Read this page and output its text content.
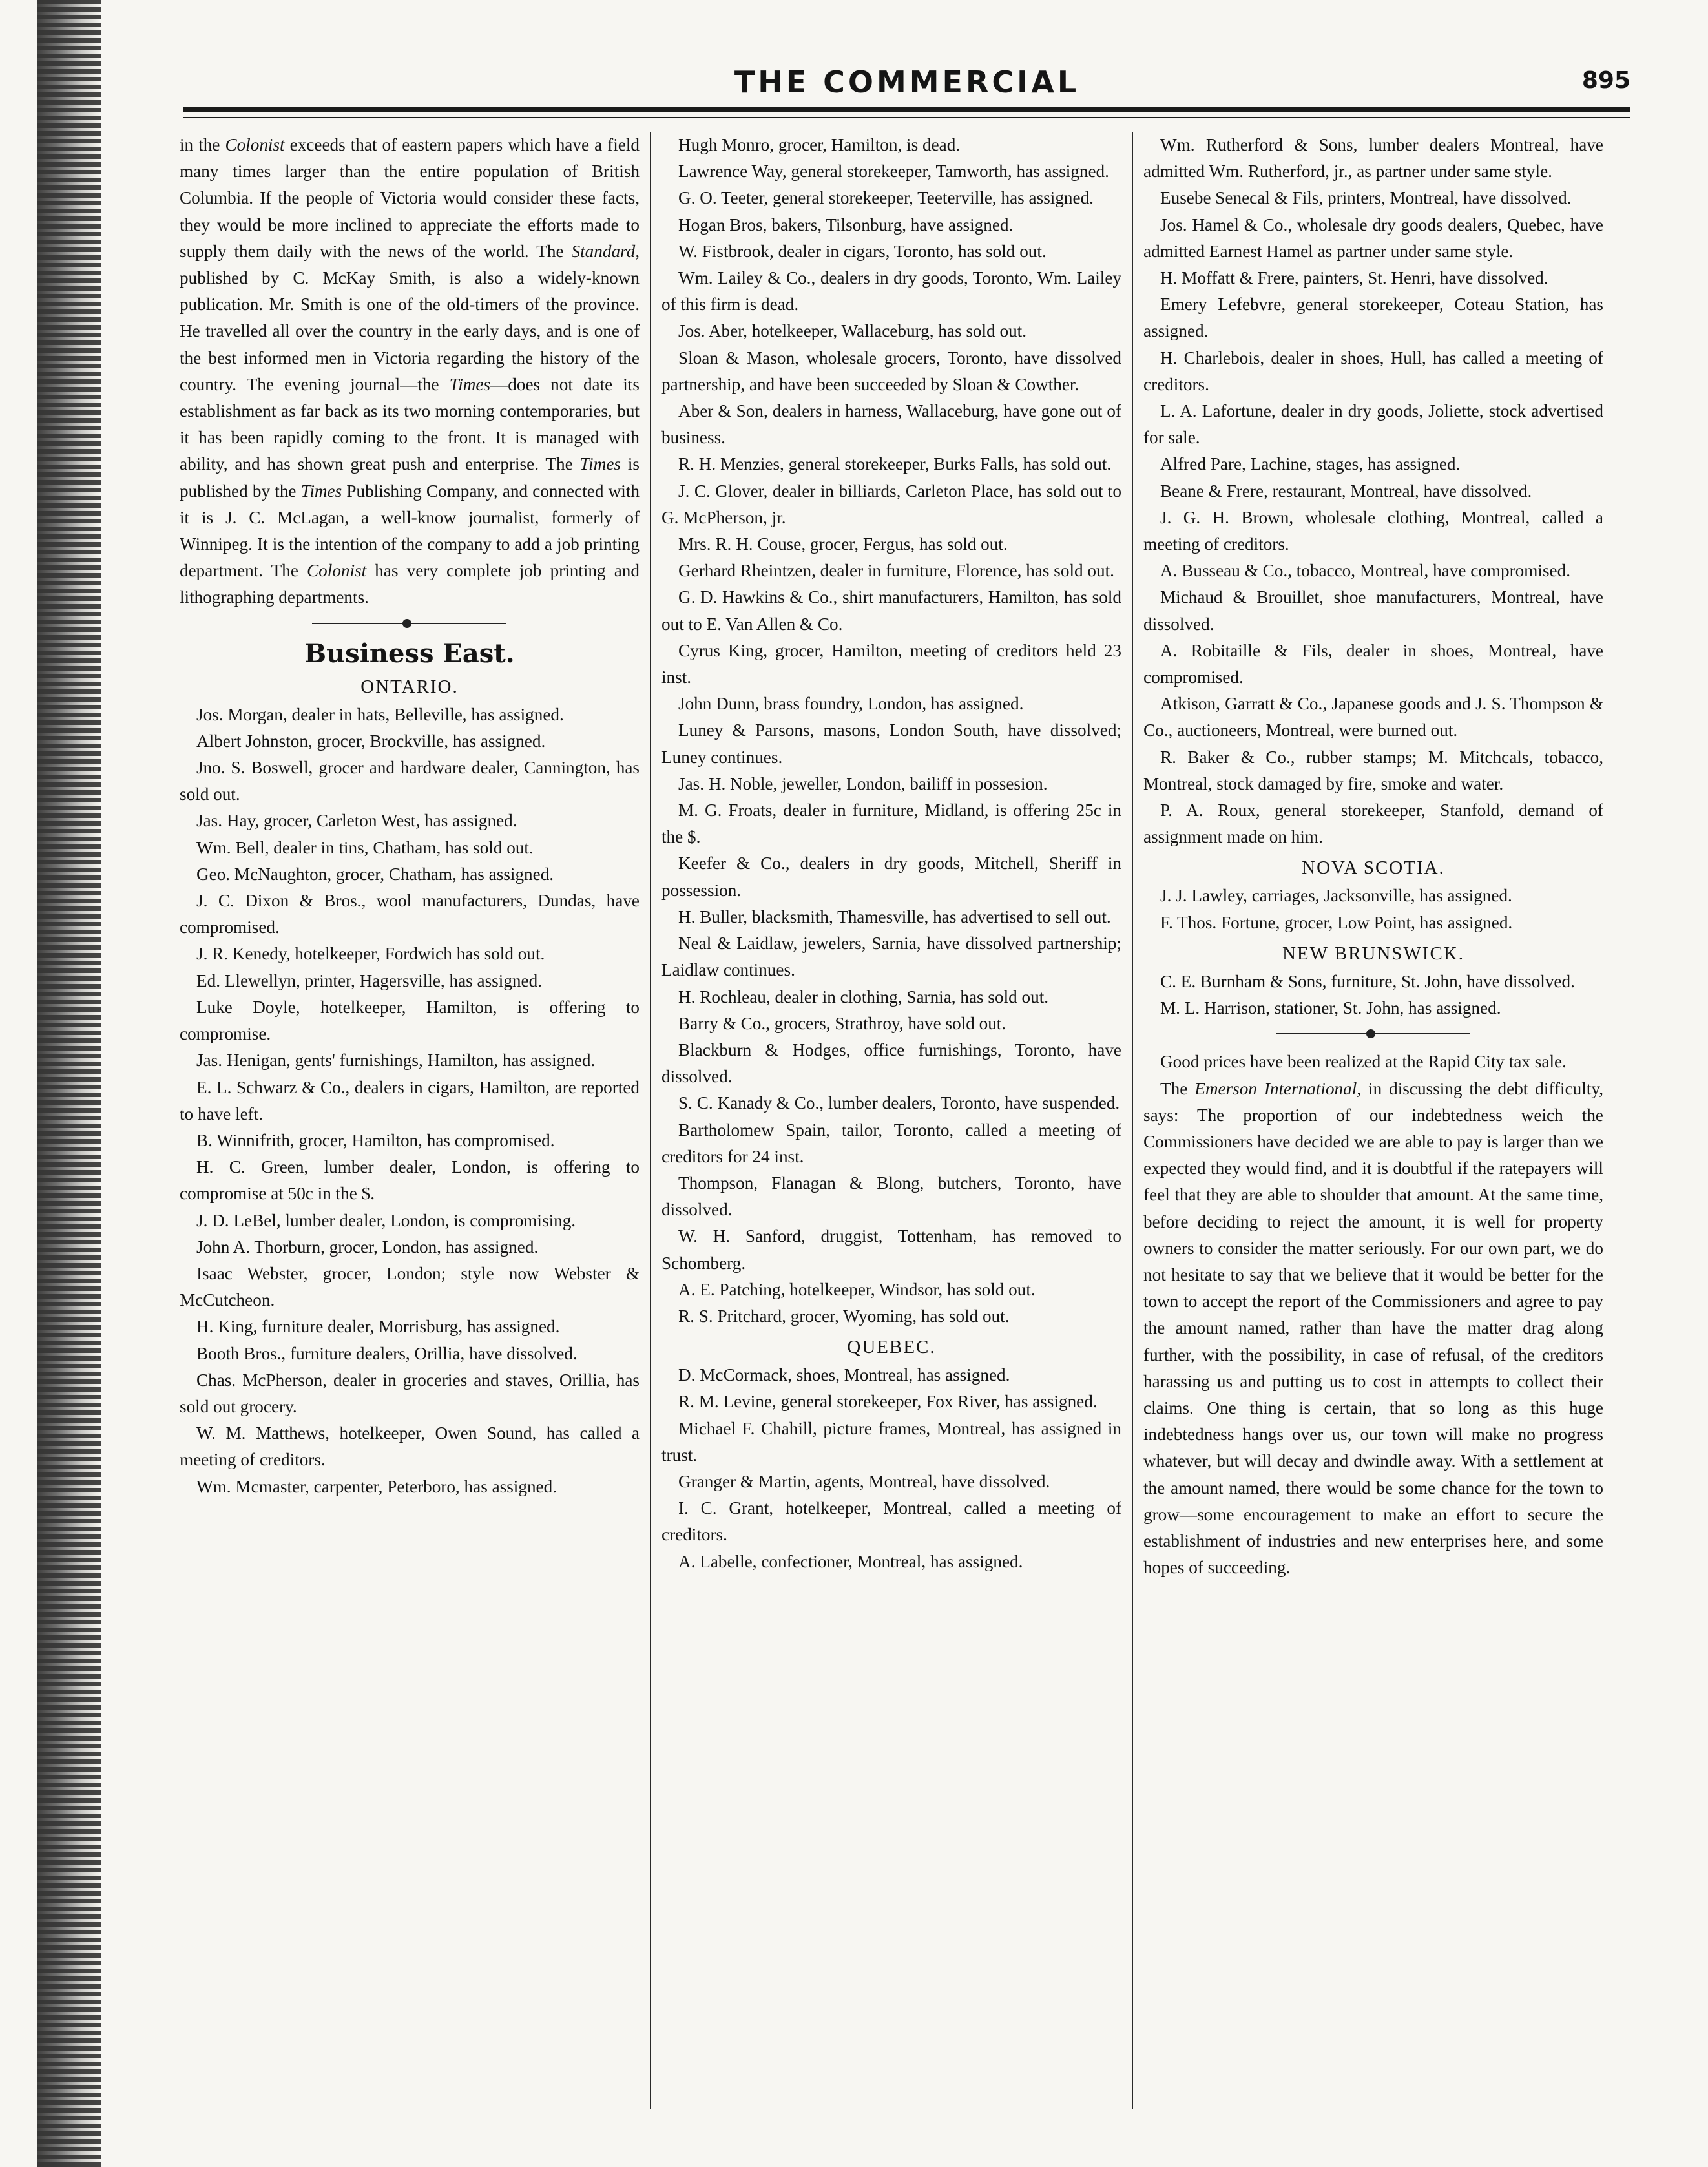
THE COMMERCIAL	895

in the Colonist exceeds that of eastern papers which have a field many times larger than the entire population of British Columbia. If the people of Victoria would consider these facts, they would be more inclined to appreciate the efforts made to supply them daily with the news of the world. The Standard, published by C. McKay Smith, is also a widely-known publication. Mr. Smith is one of the old-timers of the province. He travelled all over the country in the early days, and is one of the best informed men in Victoria regarding the history of the country. The evening journal—the Times—does not date its establishment as far back as its two morning contemporaries, but it has been rapidly coming to the front. It is managed with ability, and has shown great push and enterprise. The Times is published by the Times Publishing Company, and connected with it is J. C. McLagan, a well-know journalist, formerly of Winnipeg. It is the intention of the company to add a job printing department. The Colonist has very complete job printing and lithographing departments.

Business East.
ONTARIO.

Jos. Morgan, dealer in hats, Belleville, has assigned.

Albert Johnston, grocer, Brockville, has assigned.

Jno. S. Boswell, grocer and hardware dealer, Cannington, has sold out.

Jas. Hay, grocer, Carleton West, has assigned.

Wm. Bell, dealer in tins, Chatham, has sold out.

Geo. McNaughton, grocer, Chatham, has assigned.

J. C. Dixon & Bros., wool manufacturers, Dundas, have compromised.

J. R. Kenedy, hotelkeeper, Fordwich has sold out.

Ed. Llewellyn, printer, Hagersville, has assigned.

Luke Doyle, hotelkeeper, Hamilton, is offering to compromise.

Jas. Henigan, gents' furnishings, Hamilton, has assigned.

E. L. Schwarz & Co., dealers in cigars, Hamilton, are reported to have left.

B. Winnifrith, grocer, Hamilton, has compromised.

H. C. Green, lumber dealer, London, is offering to compromise at 50c in the $.

J. D. LeBel, lumber dealer, London, is compromising.

John A. Thorburn, grocer, London, has assigned.

Isaac Webster, grocer, London; style now Webster & McCutcheon.

H. King, furniture dealer, Morrisburg, has assigned.

Booth Bros., furniture dealers, Orillia, have dissolved.

Chas. McPherson, dealer in groceries and staves, Orillia, has sold out grocery.

W. M. Matthews, hotelkeeper, Owen Sound, has called a meeting of creditors.

Wm. Mcmaster, carpenter, Peterboro, has assigned.

Hugh Monro, grocer, Hamilton, is dead.

Lawrence Way, general storekeeper, Tamworth, has assigned.

G. O. Teeter, general storekeeper, Teeterville, has assigned.

Hogan Bros, bakers, Tilsonburg, have assigned.

W. Fistbrook, dealer in cigars, Toronto, has sold out.

Wm. Lailey & Co., dealers in dry goods, Toronto, Wm. Lailey of this firm is dead.

Jos. Aber, hotelkeeper, Wallaceburg, has sold out.

Sloan & Mason, wholesale grocers, Toronto, have dissolved partnership, and have been succeeded by Sloan & Cowther.

Aber & Son, dealers in harness, Wallaceburg, have gone out of business.

R. H. Menzies, general storekeeper, Burks Falls, has sold out.

J. C. Glover, dealer in billiards, Carleton Place, has sold out to G. McPherson, jr.

Mrs. R. H. Couse, grocer, Fergus, has sold out.

Gerhard Rheintzen, dealer in furniture, Florence, has sold out.

G. D. Hawkins & Co., shirt manufacturers, Hamilton, has sold out to E. Van Allen & Co.

Cyrus King, grocer, Hamilton, meeting of creditors held 23 inst.

John Dunn, brass foundry, London, has assigned.

Luney & Parsons, masons, London South, have dissolved; Luney continues.

Jas. H. Noble, jeweller, London, bailiff in possesion.

M. G. Froats, dealer in furniture, Midland, is offering 25c in the $.

Keefer & Co., dealers in dry goods, Mitchell, Sheriff in possession.

H. Buller, blacksmith, Thamesville, has advertised to sell out.

Neal & Laidlaw, jewelers, Sarnia, have dissolved partnership; Laidlaw continues.

H. Rochleau, dealer in clothing, Sarnia, has sold out.

Barry & Co., grocers, Strathroy, have sold out.

Blackburn & Hodges, office furnishings, Toronto, have dissolved.

S. C. Kanady & Co., lumber dealers, Toronto, have suspended.

Bartholomew Spain, tailor, Toronto, called a meeting of creditors for 24 inst.

Thompson, Flanagan & Blong, butchers, Toronto, have dissolved.

W. H. Sanford, druggist, Tottenham, has removed to Schomberg.

A. E. Patching, hotelkeeper, Windsor, has sold out.

R. S. Pritchard, grocer, Wyoming, has sold out.

QUEBEC.

D. McCormack, shoes, Montreal, has assigned.

R. M. Levine, general storekeeper, Fox River, has assigned.

Michael F. Chahill, picture frames, Montreal, has assigned in trust.

Granger & Martin, agents, Montreal, have dissolved.

I. C. Grant, hotelkeeper, Montreal, called a meeting of creditors.

A. Labelle, confectioner, Montreal, has assigned.

Wm. Rutherford & Sons, lumber dealers Montreal, have admitted Wm. Rutherford, jr., as partner under same style.

Eusebe Senecal & Fils, printers, Montreal, have dissolved.

Jos. Hamel & Co., wholesale dry goods dealers, Quebec, have admitted Earnest Hamel as partner under same style.

H. Moffatt & Frere, painters, St. Henri, have dissolved.

Emery Lefebvre, general storekeeper, Coteau Station, has assigned.

H. Charlebois, dealer in shoes, Hull, has called a meeting of creditors.

L. A. Lafortune, dealer in dry goods, Joliette, stock advertised for sale.

Alfred Pare, Lachine, stages, has assigned.

Beane & Frere, restaurant, Montreal, have dissolved.

J. G. H. Brown, wholesale clothing, Montreal, called a meeting of creditors.

A. Busseau & Co., tobacco, Montreal, have compromised.

Michaud & Brouillet, shoe manufacturers, Montreal, have dissolved.

A. Robitaille & Fils, dealer in shoes, Montreal, have compromised.

Atkison, Garratt & Co., Japanese goods and J. S. Thompson & Co., auctioneers, Montreal, were burned out.

R. Baker & Co., rubber stamps; M. Mitchcals, tobacco, Montreal, stock damaged by fire, smoke and water.

P. A. Roux, general storekeeper, Stanfold, demand of assignment made on him.

NOVA SCOTIA.

J. J. Lawley, carriages, Jacksonville, has assigned.

F. Thos. Fortune, grocer, Low Point, has assigned.

NEW BRUNSWICK.

C. E. Burnham & Sons, furniture, St. John, have dissolved.

M. L. Harrison, stationer, St. John, has assigned.

Good prices have been realized at the Rapid City tax sale.

The Emerson International, in discussing the debt difficulty, says: The proportion of our indebtedness weich the Commissioners have decided we are able to pay is larger than we expected they would find, and it is doubtful if the ratepayers will feel that they are able to shoulder that amount. At the same time, before deciding to reject the amount, it is well for property owners to consider the matter seriously. For our own part, we do not hesitate to say that we believe that it would be better for the town to accept the report of the Commissioners and agree to pay the amount named, rather than have the matter drag along further, with the possibility, in case of refusal, of the creditors harassing us and putting us to cost in attempts to collect their claims. One thing is certain, that so long as this huge indebtedness hangs over us, our town will make no progress whatever, but will decay and dwindle away. With a settlement at the amount named, there would be some chance for the town to grow—some encouragement to make an effort to secure the establishment of industries and new enterprises here, and some hopes of succeeding.
